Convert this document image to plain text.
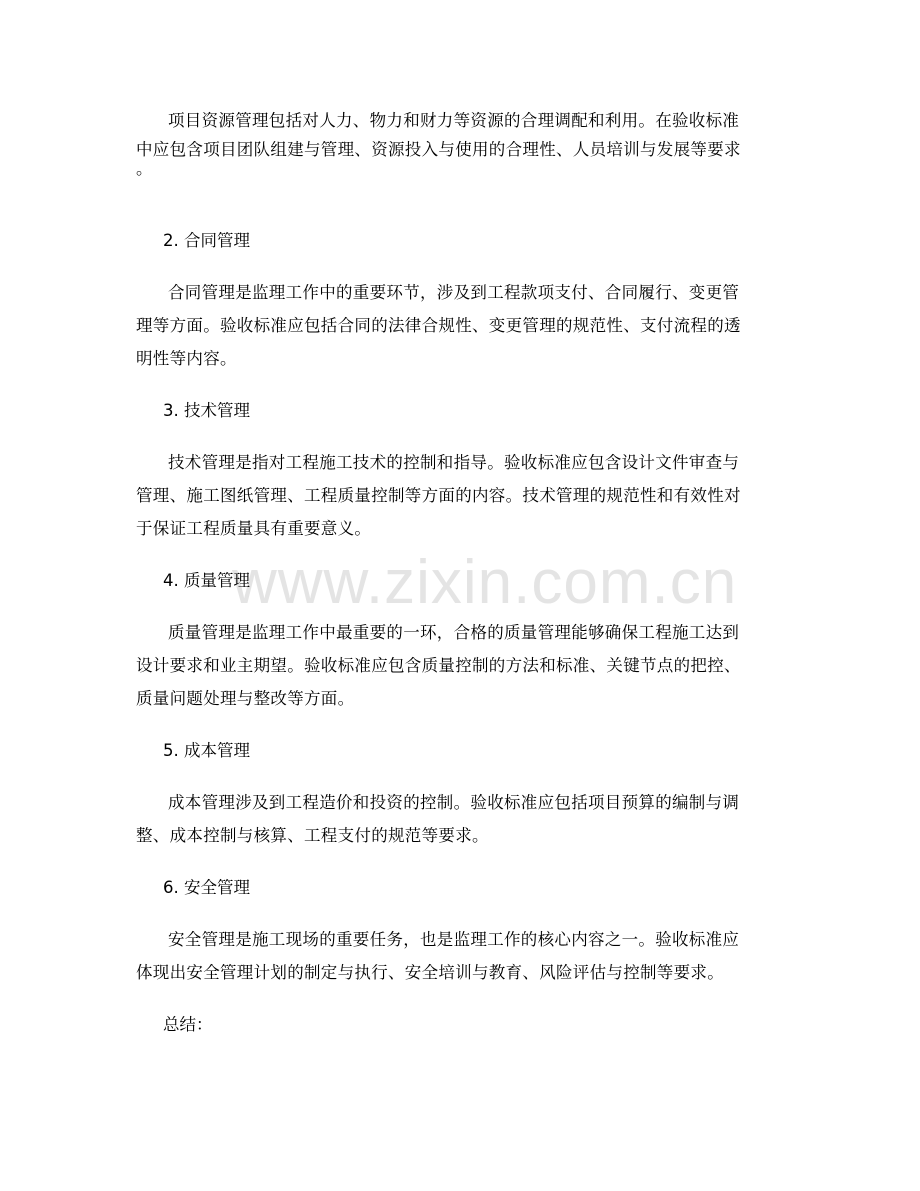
项目资源管理包括对人力、物力和财力等资源的合理调配和利用。在验收标准
中应包含项目团队组建与管理、资源投入与使用的合理性、人员培训与发展等要求
。
2. 合同管理
合同管理是监理工作中的重要环节，涉及到工程款项支付、合同履行、变更管
理等方面。验收标准应包括合同的法律合规性、变更管理的规范性、支付流程的透
明性等内容。
3. 技术管理
技术管理是指对工程施工技术的控制和指导。验收标准应包含设计文件审查与
管理、施工图纸管理、工程质量控制等方面的内容。技术管理的规范性和有效性对
于保证工程质量具有重要意义。
www.zixin.com.cn
4. 质量管理
质量管理是监理工作中最重要的一环，合格的质量管理能够确保工程施工达到
设计要求和业主期望。验收标准应包含质量控制的方法和标准、关键节点的把控、
质量问题处理与整改等方面。
5. 成本管理
成本管理涉及到工程造价和投资的控制。验收标准应包括项目预算的编制与调
整、成本控制与核算、工程支付的规范等要求。
6. 安全管理
安全管理是施工现场的重要任务，也是监理工作的核心内容之一。验收标准应
体现出安全管理计划的制定与执行、安全培训与教育、风险评估与控制等要求。
总结：
